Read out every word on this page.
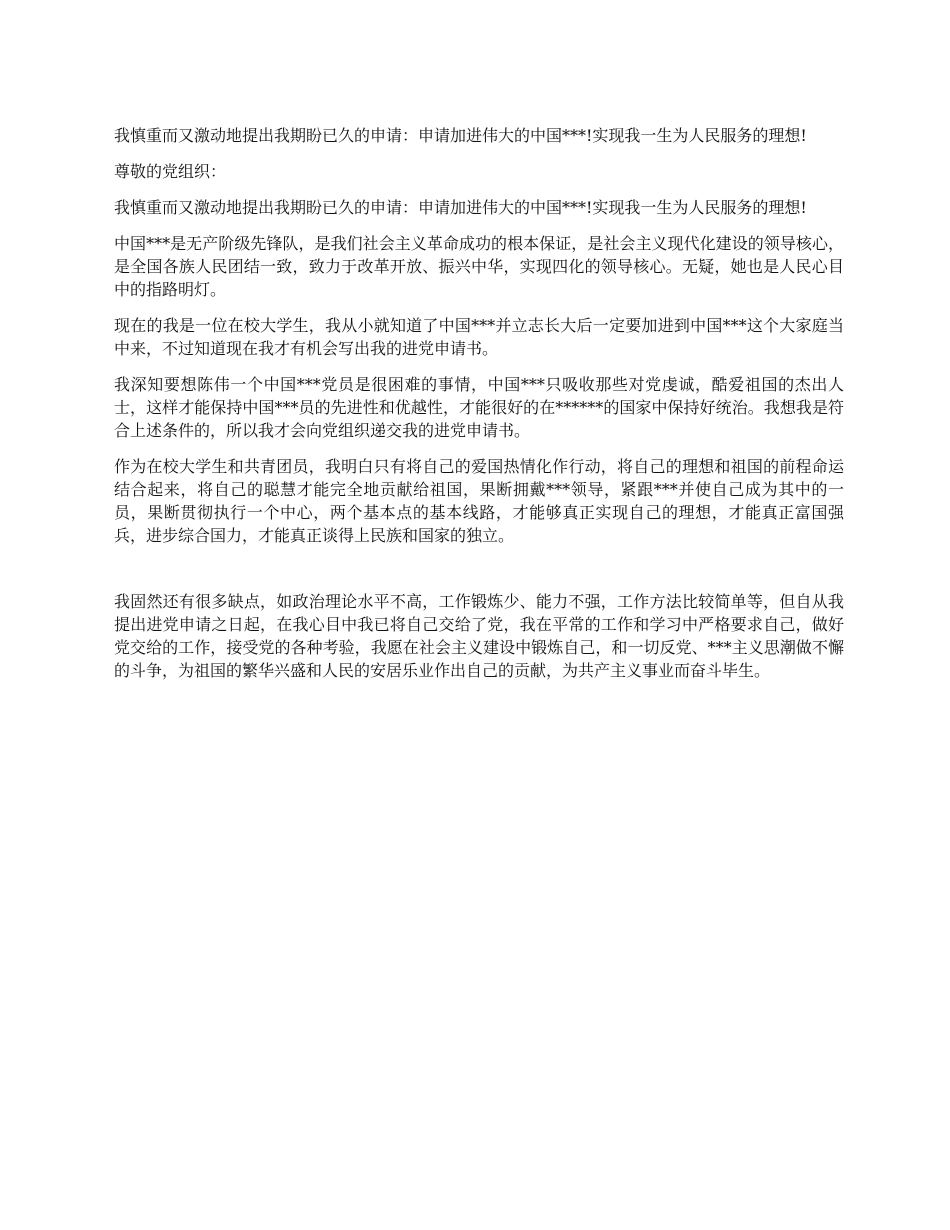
我慎重而又激动地提出我期盼已久的申请：申请加进伟大的中国***!实现我一生为人民服务的理想!

尊敬的党组织：

我慎重而又激动地提出我期盼已久的申请：申请加进伟大的中国***!实现我一生为人民服务的理想!

中国***是无产阶级先锋队，是我们社会主义革命成功的根本保证，是社会主义现代化建设的领导核心，是全国各族人民团结一致，致力于改革开放、振兴中华，实现四化的领导核心。无疑，她也是人民心目中的指路明灯。

现在的我是一位在校大学生，我从小就知道了中国***并立志长大后一定要加进到中国***这个大家庭当中来，不过知道现在我才有机会写出我的进党申请书。

我深知要想陈伟一个中国***党员是很困难的事情，中国***只吸收那些对党虔诚，酷爱祖国的杰出人士，这样才能保持中国***员的先进性和优越性，才能很好的在******的国家中保持好统治。我想我是符合上述条件的，所以我才会向党组织递交我的进党申请书。

作为在校大学生和共青团员，我明白只有将自己的爱国热情化作行动，将自己的理想和祖国的前程命运结合起来，将自己的聪慧才能完全地贡献给祖国，果断拥戴***领导，紧跟***并使自己成为其中的一员，果断贯彻执行一个中心，两个基本点的基本线路，才能够真正实现自己的理想，才能真正富国强兵，进步综合国力，才能真正谈得上民族和国家的独立。

我固然还有很多缺点，如政治理论水平不高，工作锻炼少、能力不强，工作方法比较简单等，但自从我提出进党申请之日起，在我心目中我已将自己交给了党，我在平常的工作和学习中严格要求自己，做好党交给的工作，接受党的各种考验，我愿在社会主义建设中锻炼自己，和一切反党、***主义思潮做不懈的斗争，为祖国的繁华兴盛和人民的安居乐业作出自己的贡献，为共产主义事业而奋斗毕生。
